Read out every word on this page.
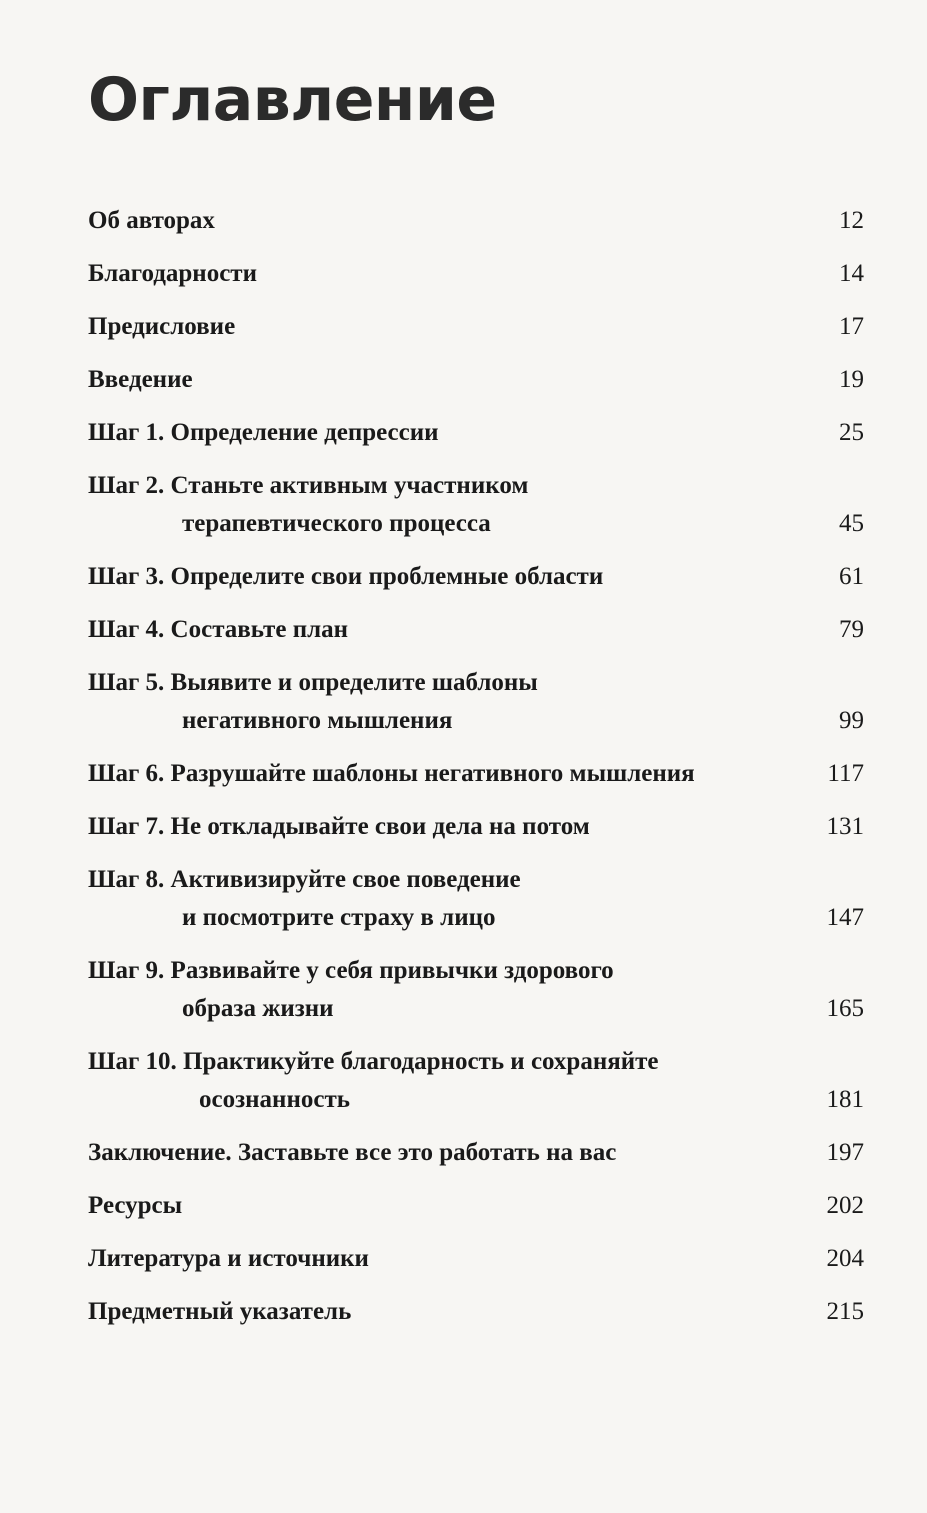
Оглавление
Об авторах	12
Благодарности	14
Предисловие	17
Введение	19
Шаг 1. Определение депрессии	25
Шаг 2. Станьте активным участником
терапевтического процесса	45
Шаг 3. Определите свои проблемные области	61
Шаг 4. Составьте план	79
Шаг 5. Выявите и определите шаблоны
негативного мышления	99
Шаг 6. Разрушайте шаблоны негативного мышления	117
Шаг 7. Не откладывайте свои дела на потом	131
Шаг 8. Активизируйте свое поведение
и посмотрите страху в лицо	147
Шаг 9. Развивайте у себя привычки здорового
образа жизни	165
Шаг 10. Практикуйте благодарность и сохраняйте
осознанность	181
Заключение. Заставьте все это работать на вас	197
Ресурсы	202
Литература и источники	204
Предметный указатель	215
